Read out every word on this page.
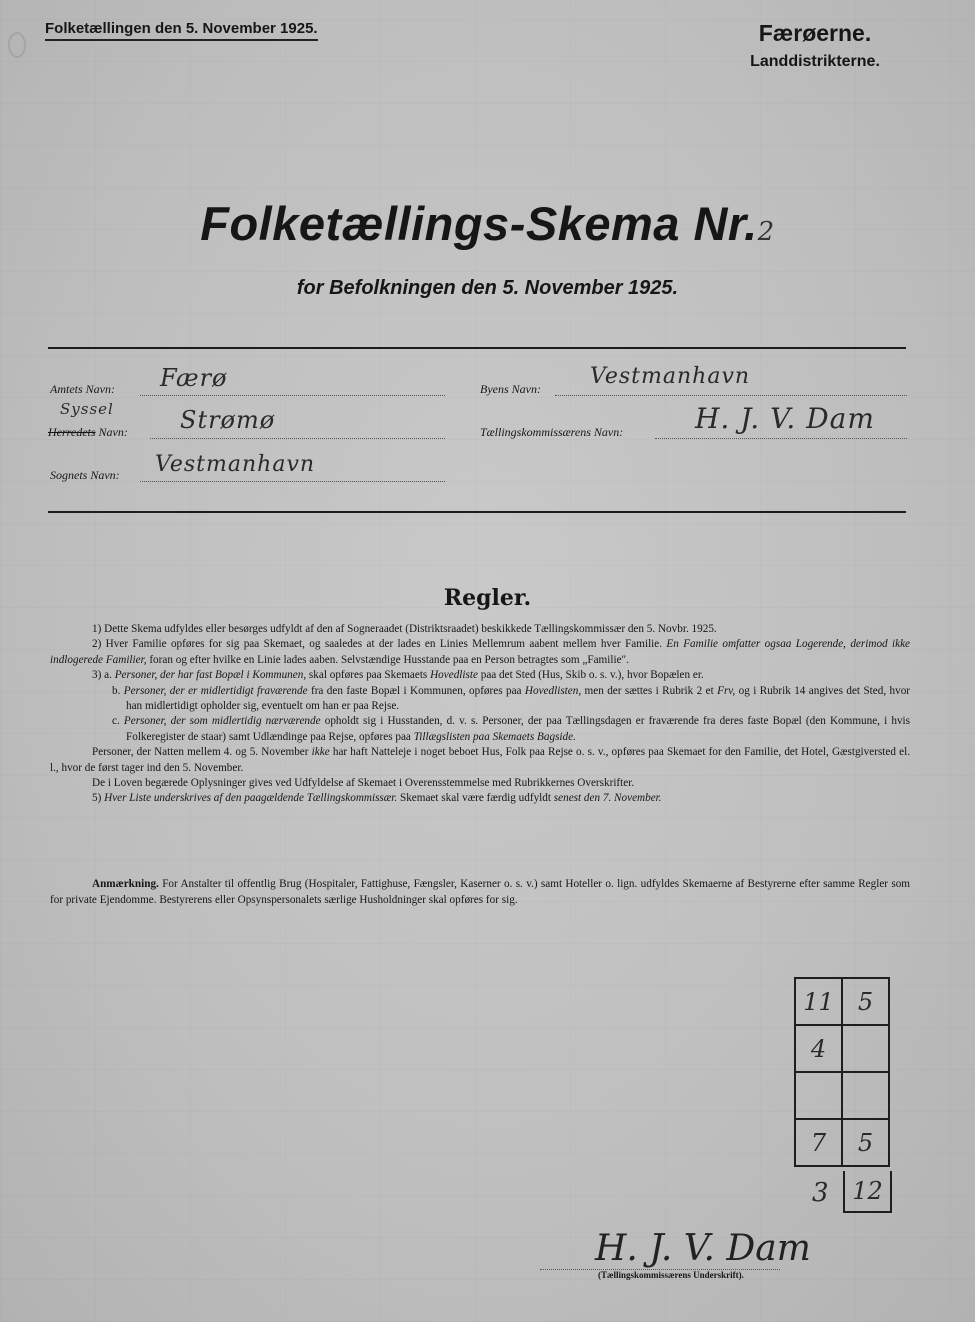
Folketællingen den 5. November 1925.	Færøerne.
Landdistrikterne.
Folketællings-Skema Nr.2
for Befolkningen den 5. November 1925.
Amtets Navn: Færø
Syssel
Herredets Navn: Strømø
Sognets Navn: Vestmanhavn
Byens Navn: Vestmanhavn
Tællingskommissærens Navn:	H. J. V. Dam
Regler.

1) Dette Skema udfyldes eller besørges udfyldt af den af Sogneraadet (Distriktsraadet) beskikkede Tællingskommissær den 5. Novbr. 1925.

2) Hver Familie opføres for sig paa Skemaet, og saaledes at der lades en Linies Mellemrum aabent mellem hver Familie. En Familie omfatter ogsaa Logerende, derimod ikke indlogerede Familier, foran og efter hvilke en Linie lades aaben. Selvstændige Husstande paa en Person betragtes som „Familie".

3) a. Personer, der har fast Bopæl i Kommunen, skal opføres paa Skemaets Hovedliste paa det Sted (Hus, Skib o. s. v.), hvor Bopælen er.

b. Personer, der er midlertidigt fraværende fra den faste Bopæl i Kommunen, opføres paa Hovedlisten, men der sættes i Rubrik 2 et Frv, og i Rubrik 14 angives det Sted, hvor han midlertidigt opholder sig, eventuelt om han er paa Rejse.

c. Personer, der som midlertidig nærværende opholdt sig i Husstanden, d. v. s. Personer, der paa Tællingsdagen er fraværende fra deres faste Bopæl (den Kommune, i hvis Folkeregister de staar) samt Udlændinge paa Rejse, opføres paa Tillægslisten paa Skemaets Bagside.

Personer, der Natten mellem 4. og 5. November ikke har haft Natteleje i noget beboet Hus, Folk paa Rejse o. s. v., opføres paa Skemaet for den Familie, det Hotel, Gæstgiversted el. l., hvor de først tager ind den 5. November.

De i Loven begærede Oplysninger gives ved Udfyldelse af Skemaet i Overensstemmelse med Rubrikkernes Overskrifter.

5) Hver Liste underskrives af den paagældende Tællingskommissær. Skemaet skal være færdig udfyldt senest den 7. November.

Anmærkning. For Anstalter til offentlig Brug (Hospitaler, Fattighuse, Fængsler, Kaserner o. s. v.) samt Hoteller o. lign. udfyldes Skemaerne af Bestyrerne efter samme Regler som for private Ejendomme. Bestyrerens eller Opsynspersonalets særlige Husholdninger skal opføres for sig.
11	5
4	

7	5
3 12
H. J. V. Dam
(Tællingskommissærens Underskrift).
